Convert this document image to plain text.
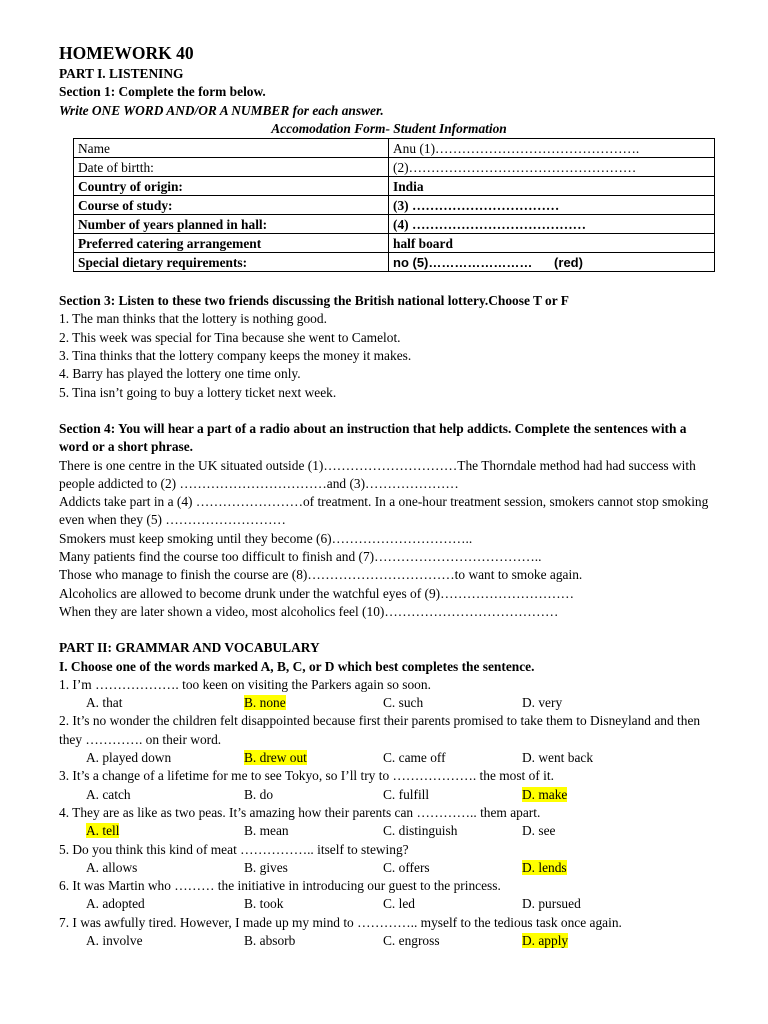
HOMEWORK 40
PART I. LISTENING
Section 1: Complete the form below.
Write ONE WORD AND/OR A NUMBER for each answer.
Accomodation Form- Student Information
Name	Anu (1)……………………………………….
Date of birtth:	(2)……………………………………………
Country of origin:	India
Course of study:	(3) ……………………………
Number of years planned in hall:	(4) …………………………………
Preferred catering arrangement	half board
Special dietary requirements:	no (5)……………………      (red)
Section 3: Listen to these two friends discussing the British national lottery.Choose T or F
1. The man thinks that the lottery is nothing good.
2. This week was special for Tina because she went to Camelot.
3. Tina thinks that the lottery company keeps the money it makes.
4. Barry has played the lottery one time only.
5. Tina isn’t going to buy a lottery ticket next week.
Section 4: You will hear a part of a radio about an instruction that help addicts. Complete the sentences with a word or a short phrase.
There is one centre in the UK situated outside (1)…………………………The Thorndale method had had success with people addicted to (2) ……………………………and (3)…………………
Addicts take part in a (4) ……………………of treatment. In a one-hour treatment session, smokers cannot stop smoking even when they (5) ………………………
Smokers must keep smoking until they become (6)…………………………..
Many patients find the course too difficult to finish and (7)………………………………..
Those who manage to finish the course are (8)……………………………to want to smoke again.
Alcoholics are allowed to become drunk under the watchful eyes of (9)…………………………
When they are later shown a video, most alcoholics feel (10)…………………………………
PART II: GRAMMAR AND VOCABULARY
I. Choose one of the words marked A, B, C, or D which best completes the sentence.
1. I’m ………………. too keen on visiting the Parkers again so soon.
A. that	B. none	C. such	D. very
2. It’s no wonder the children felt disappointed because first their parents promised to take them to Disneyland and then they …………. on their word.
A. played down	B. drew out	C. came off	D. went back
3. It’s a change of a lifetime for me to see Tokyo, so I’ll try to ………………. the most of it.
A. catch	B. do	C. fulfill	D. make
4. They are as like as two peas. It’s amazing how their parents can ………….. them apart.
A. tell	B. mean	C. distinguish	D. see
5. Do you think this kind of meat …………….. itself to stewing?
A. allows	B. gives	C. offers	D. lends
6. It was Martin who ……… the initiative in introducing our guest to the princess.
A. adopted	B. took	C. led	D. pursued
7. I was awfully tired. However, I made up my mind to ………….. myself to the tedious task once again.
A. involve	B. absorb	C. engross	D. apply
